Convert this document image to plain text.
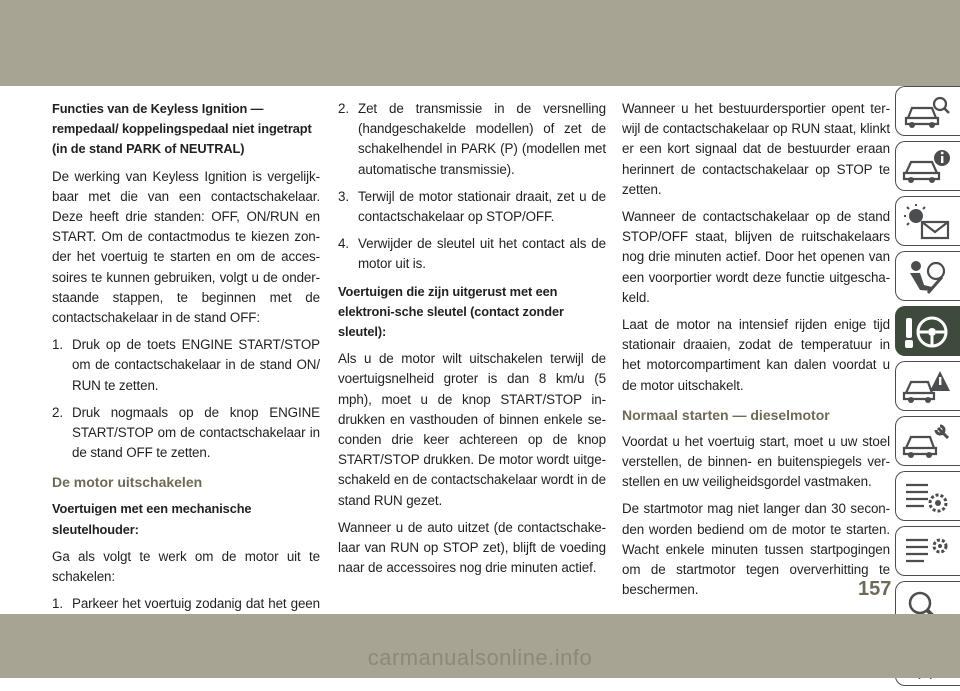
Functies van de Keyless Ignition — rempedaal/ koppelingspedaal niet ingetrapt (in de stand PARK of NEUTRAL)

De werking van Keyless Ignition is vergelijk-baar met die van een contactschakelaar. Deze heeft drie standen: OFF, ON/RUN en START. Om de contactmodus te kiezen zon-der het voertuig te starten en om de acces-soires te kunnen gebruiken, volgt u de onder-staande stappen, te beginnen met de contactschakelaar in de stand OFF:

1. Druk op de toets ENGINE START/STOP om de contactschakelaar in de stand ON/ RUN te zetten.
2. Druk nogmaals op de knop ENGINE START/STOP om de contactschakelaar in de stand OFF te zetten.
De motor uitschakelen

Voertuigen met een mechanische sleutelhouder:

Ga als volgt te werk om de motor uit te schakelen:

1. Parkeer het voertuig zodanig dat het geen
2. Zet de transmissie in de versnelling (handgeschakelde modellen) of zet de schakelhendel in PARK (P) (modellen met automatische transmissie).
3. Terwijl de motor stationair draait, zet u de contactschakelaar op STOP/OFF.
4. Verwijder de sleutel uit het contact als de motor uit is.

Voertuigen die zijn uitgerust met een elektroni-sche sleutel (contact zonder sleutel):

Als u de motor wilt uitschakelen terwijl de voertuigsnelheid groter is dan 8 km/u (5 mph), moet u de knop START/STOP in-drukken en vasthouden of binnen enkele se-conden drie keer achtereen op de knop START/STOP drukken. De motor wordt uitge-schakeld en de contactschakelaar wordt in de stand RUN gezet.

Wanneer u de auto uitzet (de contactschake-laar van RUN op STOP zet), blijft de voeding naar de accessoires nog drie minuten actief.

Wanneer u het bestuurdersportier opent ter-wijl de contactschakelaar op RUN staat, klinkt er een kort signaal dat de bestuurder eraan herinnert de contactschakelaar op STOP te zetten.

Wanneer de contactschakelaar op de stand STOP/OFF staat, blijven de ruitschakelaars nog drie minuten actief. Door het openen van een voorportier wordt deze functie uitgescha-keld.

Laat de motor na intensief rijden enige tijd stationair draaien, zodat de temperatuur in het motorcompartiment kan dalen voordat u de motor uitschakelt.

Normaal starten — dieselmotor

Voordat u het voertuig start, moet u uw stoel verstellen, de binnen- en buitenspiegels ver-stellen en uw veiligheidsgordel vastmaken.

De startmotor mag niet langer dan 30 secon-den worden bediend om de motor te starten. Wacht enkele minuten tussen startpogingen om de startmotor tegen oververhitting te beschermen.	157
carmanualsonline.info
